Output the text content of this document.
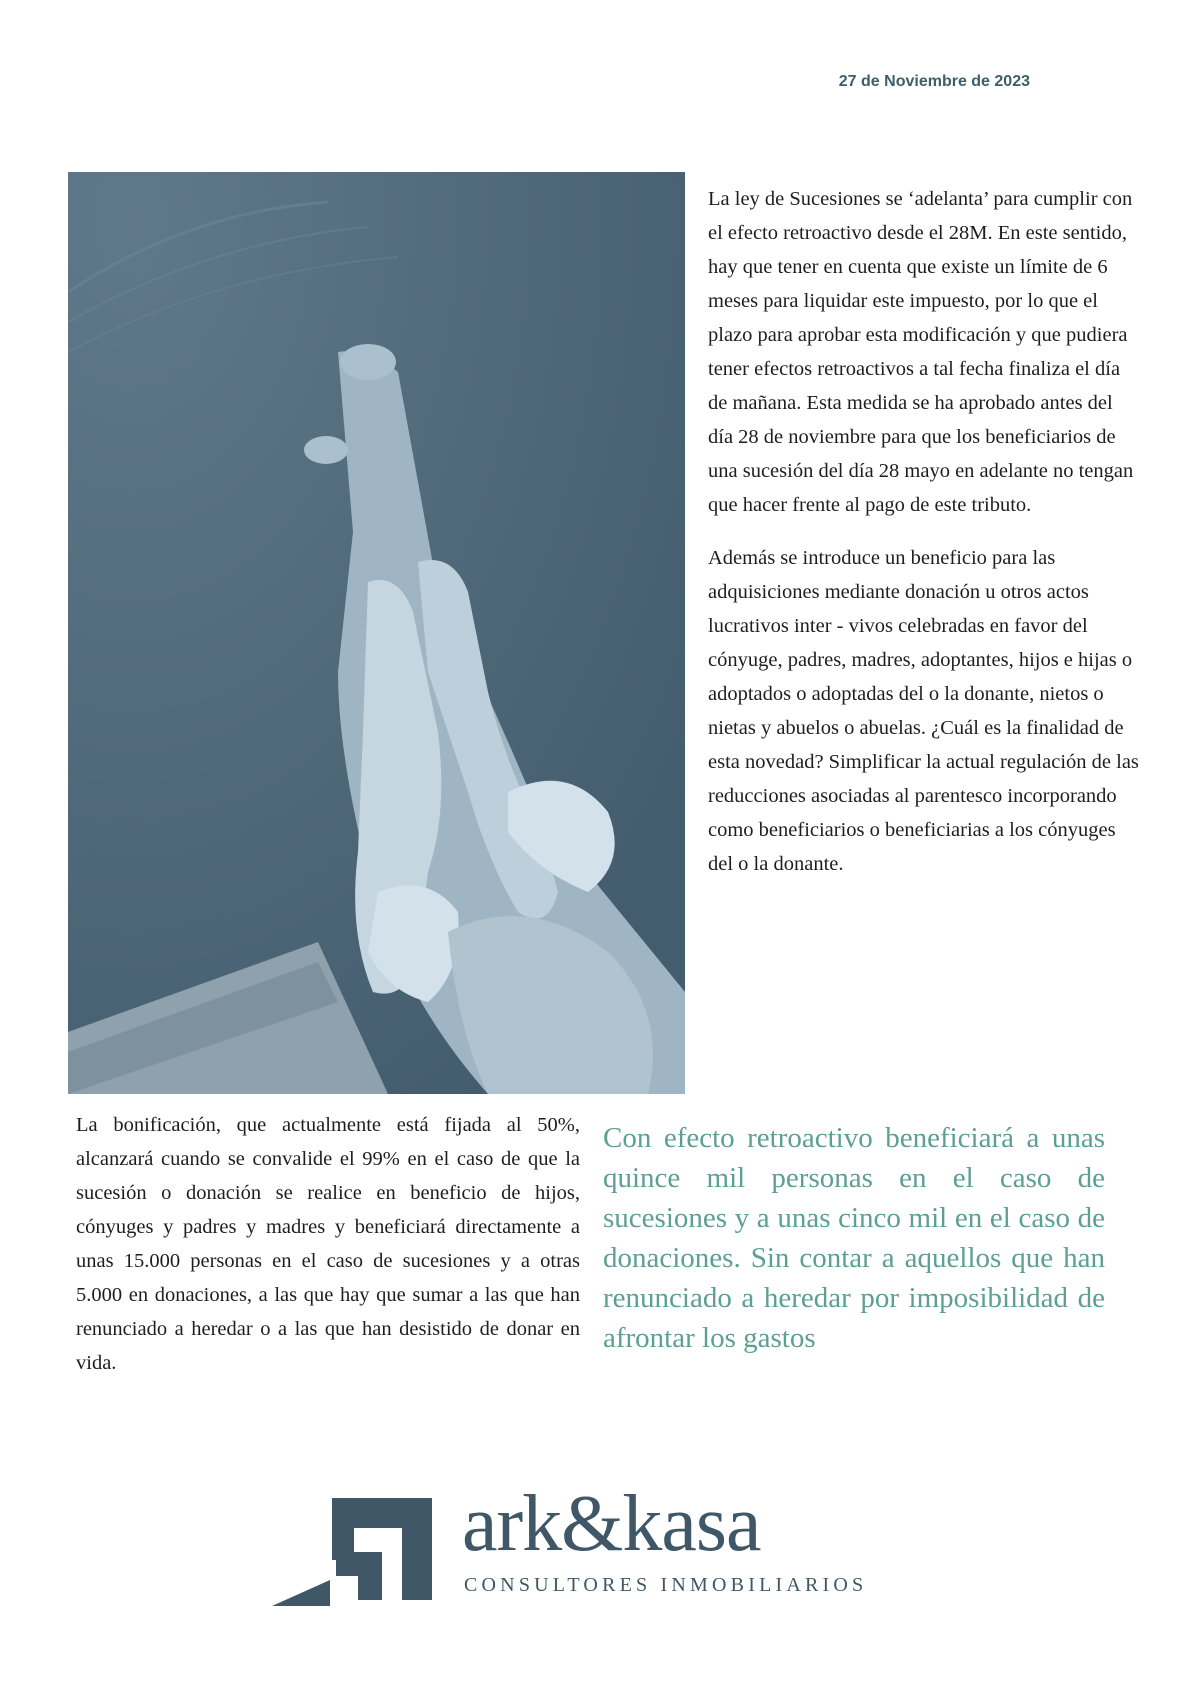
27 de Noviembre de 2023

La ley de Sucesiones se ‘adelanta’ para cumplir con el efecto retroactivo desde el 28M. En este sentido, hay que tener en cuenta que existe un límite de 6 meses para liquidar este impuesto, por lo que el plazo para aprobar esta modificación y que pudiera tener efectos retroactivos a tal fecha finaliza el día de mañana. Esta medida se ha aprobado antes del día 28 de noviembre para que los beneficiarios de una sucesión del día 28 mayo en adelante no tengan que hacer frente al pago de este tributo.

Además se introduce un beneficio para las adquisiciones mediante donación u otros actos lucrativos inter - vivos celebradas en favor del cónyuge, padres, madres, adoptantes, hijos e hijas o adoptados o adoptadas del o la donante, nietos o nietas y abuelos o abuelas. ¿Cuál es la finalidad de esta novedad? Simplificar la actual regulación de las reducciones asociadas al parentesco incorporando como beneficiarios o beneficiarias a los cónyuges del o la donante.

La bonificación, que actualmente está fijada al 50%, alcanzará cuando se convalide el 99% en el caso de que la sucesión o donación se realice en beneficio de hijos, cónyuges y padres y madres y beneficiará directamente a unas 15.000 personas en el caso de sucesiones y a otras 5.000 en donaciones, a las que hay que sumar a las que han renunciado a heredar o a las que han desistido de donar en vida.

Con efecto retroactivo beneficiará a unas quince mil personas en el caso de sucesiones y a unas cinco mil en el caso de donaciones. Sin contar a aquellos que han renunciado a heredar por imposibilidad de afrontar los gastos

ark&kasa

CONSULTORES INMOBILIARIOS
